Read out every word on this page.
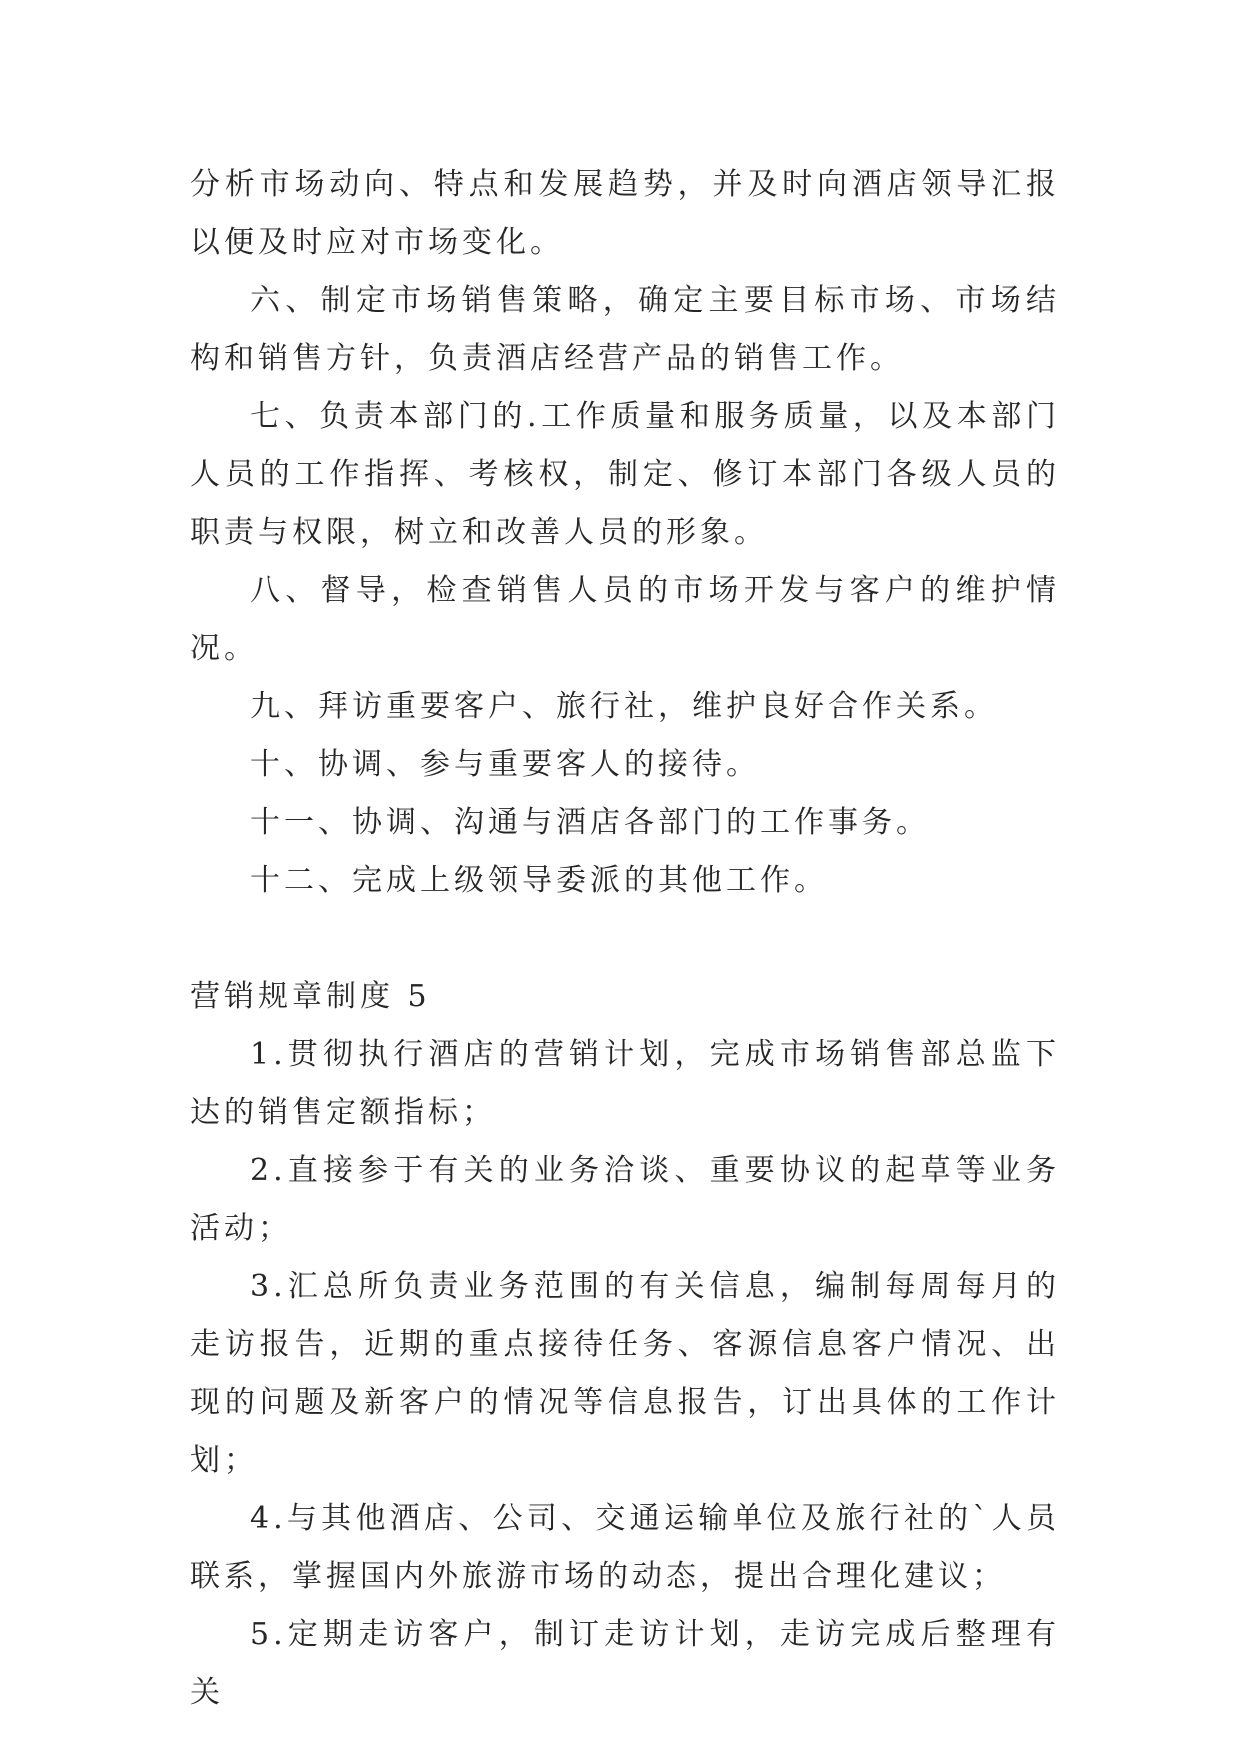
分析市场动向、特点和发展趋势，并及时向酒店领导汇报以便及时应对市场变化。

六、制定市场销售策略，确定主要目标市场、市场结构和销售方针，负责酒店经营产品的销售工作。

七、负责本部门的.工作质量和服务质量，以及本部门人员的工作指挥、考核权，制定、修订本部门各级人员的职责与权限，树立和改善人员的形象。

八、督导，检查销售人员的市场开发与客户的维护情况。

九、拜访重要客户、旅行社，维护良好合作关系。

十、协调、参与重要客人的接待。

十一、协调、沟通与酒店各部门的工作事务。

十二、完成上级领导委派的其他工作。

营销规章制度 5

1.贯彻执行酒店的营销计划，完成市场销售部总监下达的销售定额指标；

2.直接参于有关的业务洽谈、重要协议的起草等业务活动；

3.汇总所负责业务范围的有关信息，编制每周每月的走访报告，近期的重点接待任务、客源信息客户情况、出现的问题及新客户的情况等信息报告，订出具体的工作计划；

4.与其他酒店、公司、交通运输单位及旅行社的`人员联系，掌握国内外旅游市场的动态，提出合理化建议；

5.定期走访客户，制订走访计划，走访完成后整理有关
